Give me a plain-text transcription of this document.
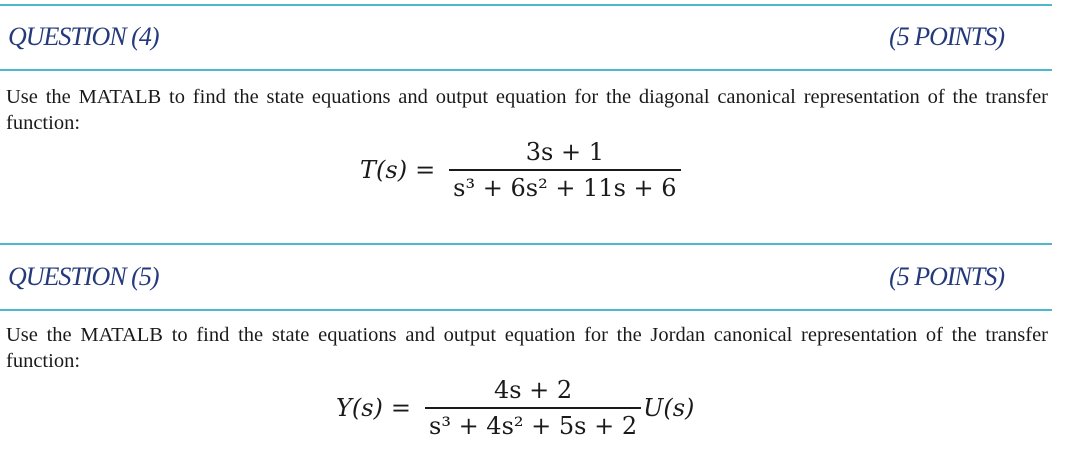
QUESTION (4)	(5 POINTS)
Use the MATALB to find the state equations and output equation for the diagonal canonical representation of the transfer function:
$T(s) = \frac{3s + 1}{\text{s³ + 6s² + 11s + 6}}$
QUESTION (5)	(5 POINTS)
Use the MATALB to find the state equations and output equation for the Jordan canonical representation of the transfer function:
$Y(s) = \frac{4s + 2}{\text{s³ + 4s² + 5s + 2}} U(s)$
